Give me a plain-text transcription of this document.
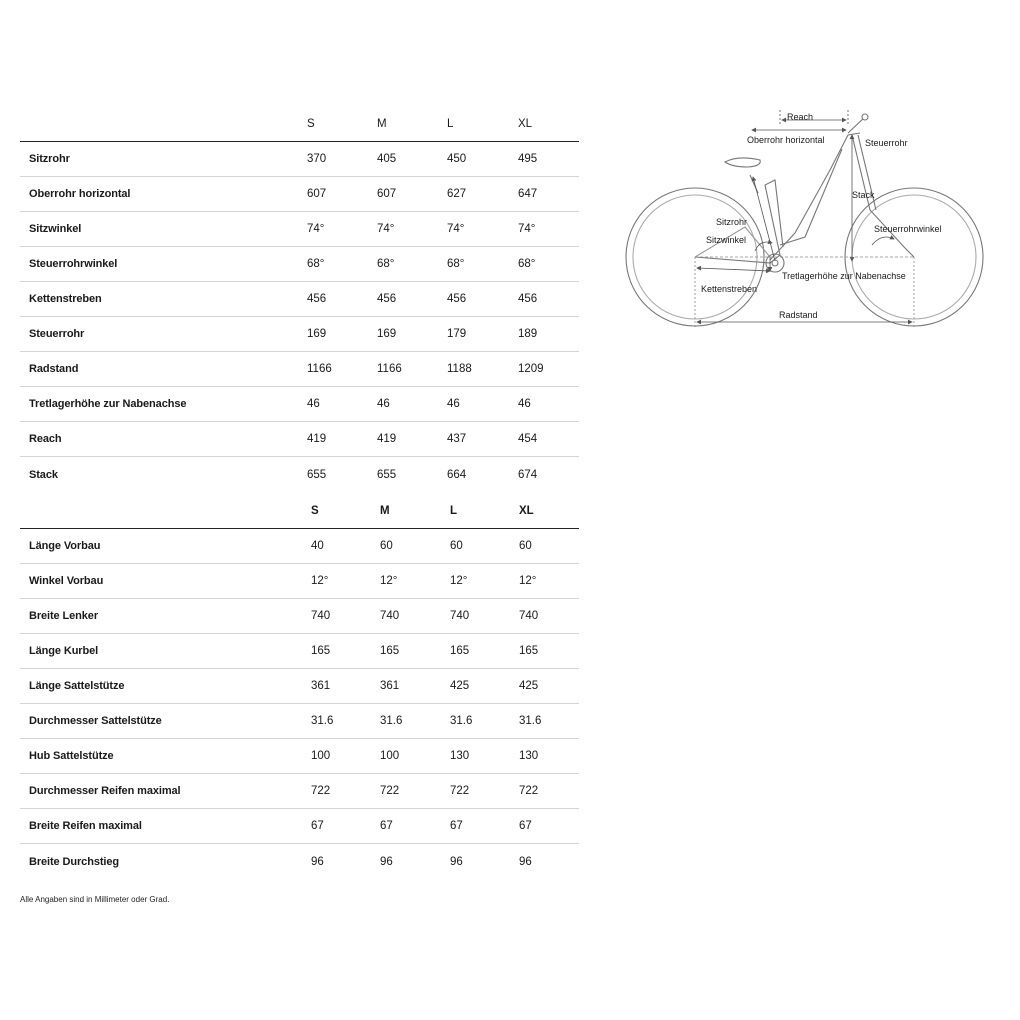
S	M	L	XL
Sitzrohr	370	405	450	495
Oberrohr horizontal	607	607	627	647
Sitzwinkel	74°	74°	74°	74°
Steuerrohrwinkel	68°	68°	68°	68°
Kettenstreben	456	456	456	456
Steuerrohr	169	169	179	189
Radstand	1166	1166	1188	1209
Tretlagerhöhe zur Nabenachse	46	46	46	46
Reach	419	419	437	454
Stack	655	655	664	674
S	M	L	XL
Länge Vorbau	40	60	60	60
Winkel Vorbau	12°	12°	12°	12°
Breite Lenker	740	740	740	740
Länge Kurbel	165	165	165	165
Länge Sattelstütze	361	361	425	425
Durchmesser Sattelstütze	31.6	31.6	31.6	31.6
Hub Sattelstütze	100	100	130	130
Durchmesser Reifen maximal	722	722	722	722
Breite Reifen maximal	67	67	67	67
Breite Durchstieg	96	96	96	96
Alle Angaben sind in Millimeter oder Grad.
Reach
Oberrohr horizontal	Steuerrohr
Stack
Sitzrohr
Sitzwinkel
Steuerrohrwinkel
Tretlagerhöhe zur Nabenachse
Kettenstreben
Radstand
